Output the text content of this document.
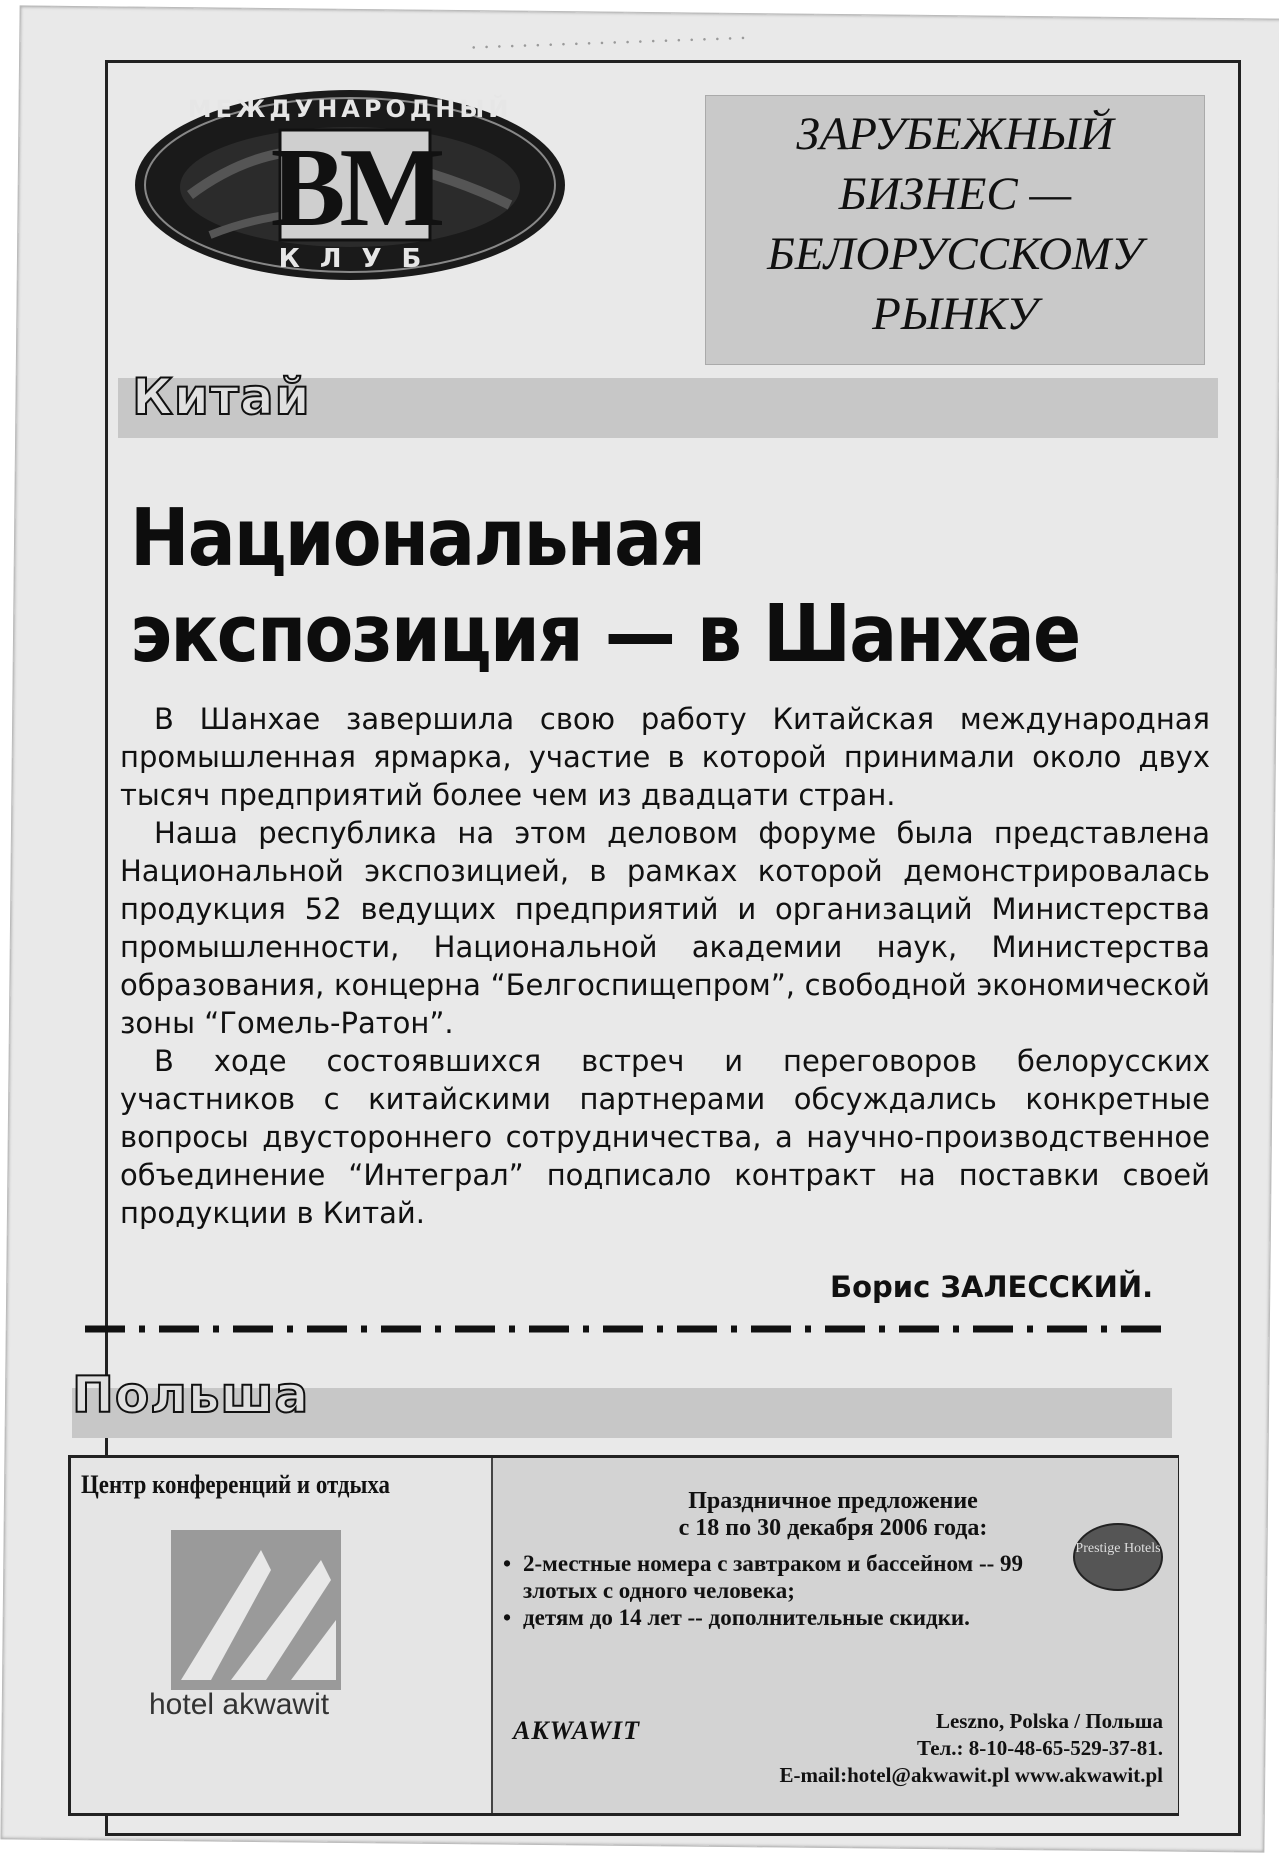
· · · · · · · · · · · · · · · · · · · · · ·
BM
МЕЖДУНАРОДНЫЙ
КЛУБ
ЗАРУБЕЖНЫЙ
БИЗНЕС —
БЕЛОРУССКОМУ
РЫНКУ
Китай
Национальная
экспозиция — в Шанхае

В Шанхае завершила свою работу Китайская международная промышленная ярмарка, участие в которой принимали около двух тысяч предприятий более чем из двадцати стран.

Наша республика на этом деловом форуме была представлена Национальной экспозицией, в рамках которой демонстрировалась продукция 52 ведущих предприятий и организаций Министерства промышленности, Национальной академии наук, Министерства образования, концерна “Белгоспищепром”, свободной экономической зоны “Гомель-Ратон”.

В ходе состоявшихся встреч и переговоров белорусских участников с китайскими партнерами обсуждались конкретные вопросы двустороннего сотрудничества, а научно-производственное объединение “Интеграл” подписало контракт на поставки своей продукции в Китай.

Борис ЗАЛЕССКИЙ.
Польша
Центр конференций и отдыха
hotel akwawit
Праздничное предложение
с 18 по 30 декабря 2006 года:
Prestige Hotels
• 2-местные номера с завтраком и бассейном -- 99 злотых с одного человека;
• детям до 14 лет -- дополнительные скидки.
AKWAWIT	Leszno, Polska / Польша
Тел.: 8-10-48-65-529-37-81.
E-mail:hotel@akwawit.pl www.akwawit.pl
